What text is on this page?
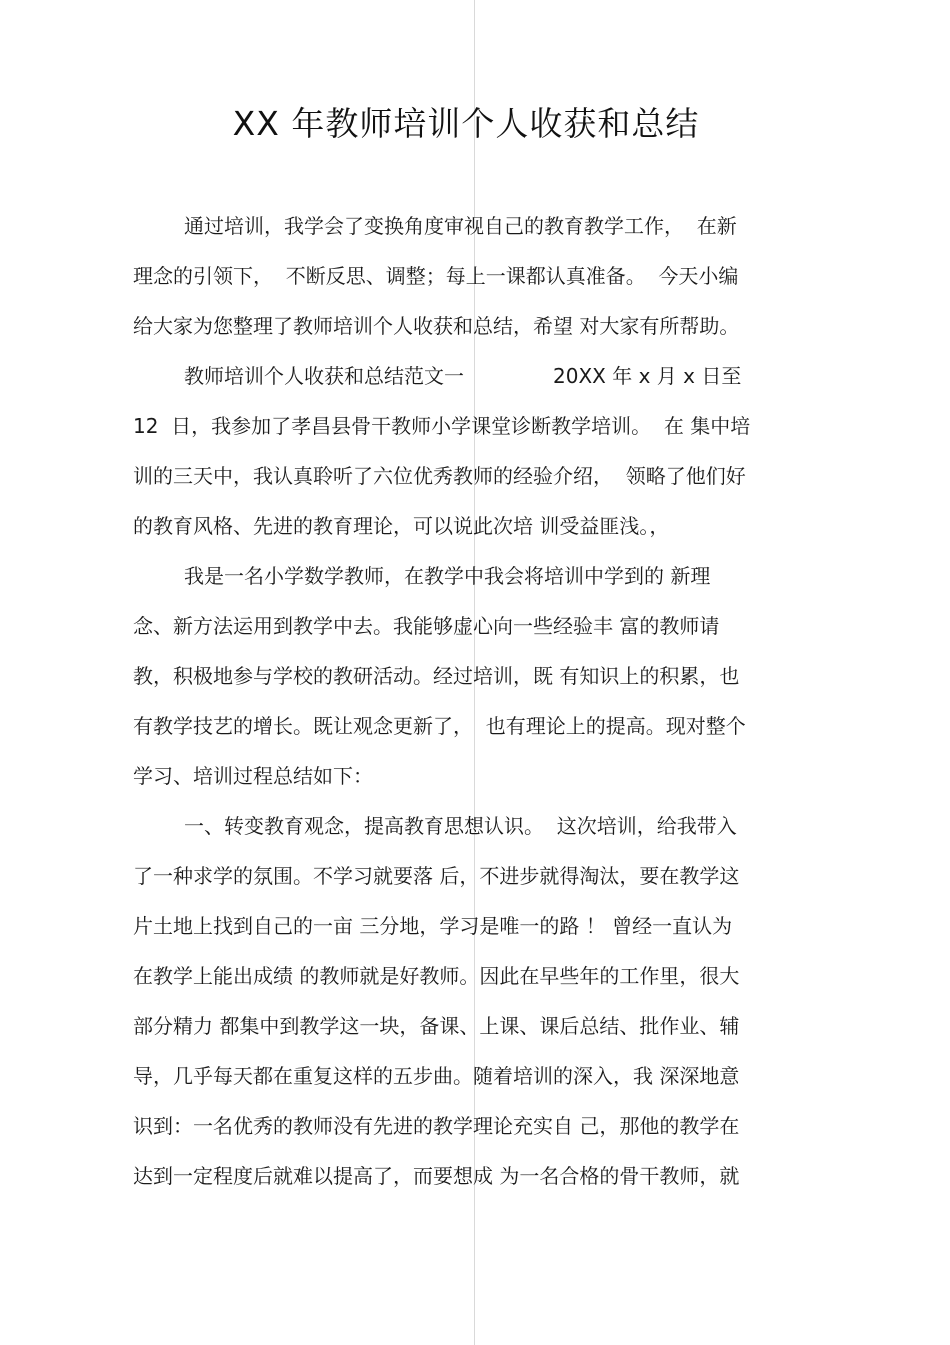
XX 年教师培训个人收获和总结
通过培训，我学会了变换角度审视自己的教育教学工作，  在新
理念的引领下，  不断反思、调整；每上一课都认真准备。  今天小编
给大家为您整理了教师培训个人收获和总结，希望 对大家有所帮助。
教师培训个人收获和总结范文一              20XX 年 x 月 x 日至
12  日，我参加了孝昌县骨干教师小学课堂诊断教学培训。  在 集中培
训的三天中，我认真聆听了六位优秀教师的经验介绍，  领略了他们好
的教育风格、先进的教育理论，可以说此次培 训受益匪浅。，
我是一名小学数学教师，在教学中我会将培训中学到的 新理
念、新方法运用到教学中去。我能够虚心向一些经验丰 富的教师请
教，积极地参与学校的教研活动。经过培训，既 有知识上的积累，也
有教学技艺的增长。既让观念更新了，  也有理论上的提高。现对整个
学习、培训过程总结如下：
一、转变教育观念，提高教育思想认识。  这次培训，给我带入
了一种求学的氛围。不学习就要落 后，不进步就得淘汰，要在教学这
片土地上找到自己的一亩 三分地，学习是唯一的路 ！ 曾经一直认为
在教学上能出成绩 的教师就是好教师。因此在早些年的工作里，很大
部分精力 都集中到教学这一块，备课、上课、课后总结、批作业、辅
导，几乎每天都在重复这样的五步曲。随着培训的深入，我 深深地意
识到：一名优秀的教师没有先进的教学理论充实自 己，那他的教学在
达到一定程度后就难以提高了，而要想成 为一名合格的骨干教师，就
